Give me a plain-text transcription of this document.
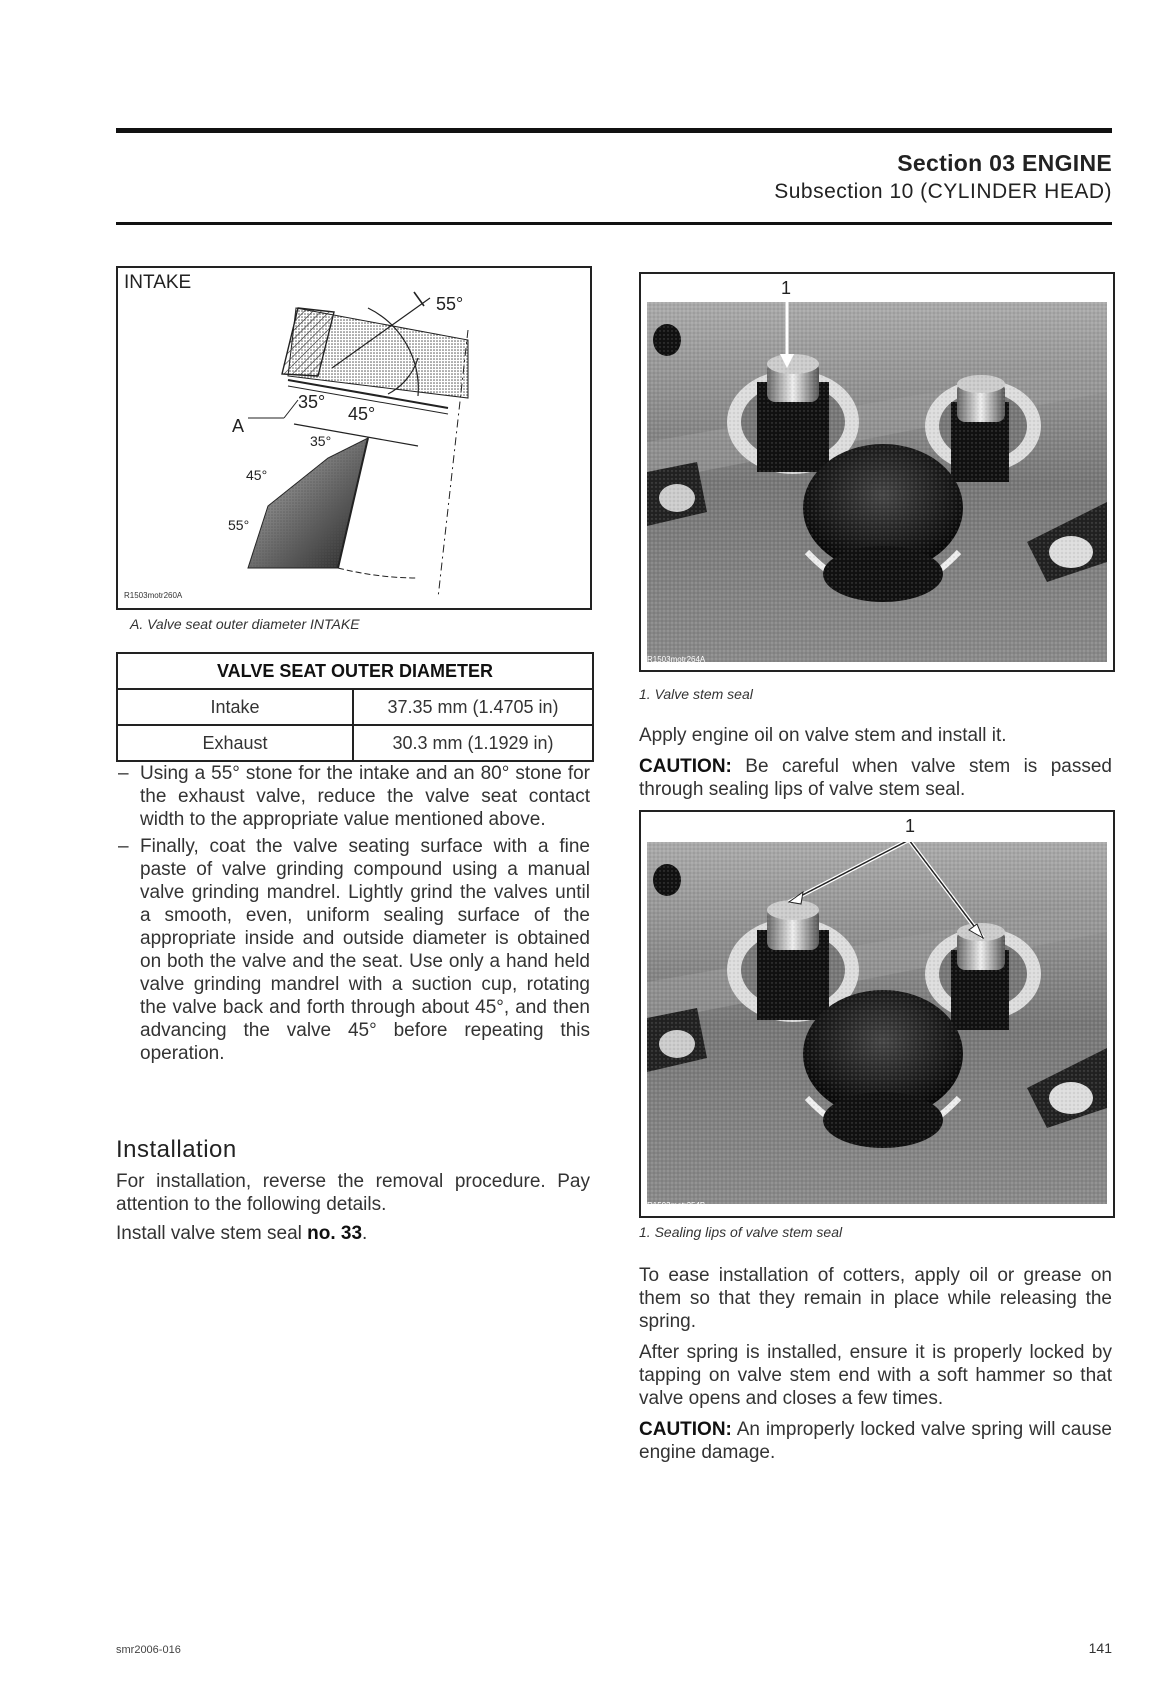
Section 03 ENGINE
Subsection 10 (CYLINDER HEAD)
INTAKE
55°
35°
45°
35°
45°
55°
A
R1503motr260A
A. Valve seat outer diameter INTAKE
VALVE SEAT OUTER DIAMETER	
Intake	37.35 mm (1.4705 in)
Exhaust	30.3 mm (1.1929 in)
– Using a 55° stone for the intake and an 80° stone for the exhaust valve, reduce the valve seat contact width to the appropriate value mentioned above.
– Finally, coat the valve seating surface with a fine paste of valve grinding compound using a manual valve grinding mandrel. Lightly grind the valves until a smooth, even, uniform sealing surface of the appropriate inside and outside diameter is obtained on both the valve and the seat. Use only a hand held valve grinding mandrel with a suction cup, rotating the valve back and forth through about 45°, and then advancing the valve 45° before repeating this operation.
Installation

For installation, reverse the removal procedure. Pay attention to the following details.

Install valve stem seal no. 33.

1
R1503motr264A
1. Valve stem seal

Apply engine oil on valve stem and install it.

CAUTION: Be careful when valve stem is passed through sealing lips of valve stem seal.

1
R1503motr254B
1. Sealing lips of valve stem seal

To ease installation of cotters, apply oil or grease on them so that they remain in place while releasing the spring.

After spring is installed, ensure it is properly locked by tapping on valve stem end with a soft hammer so that valve opens and closes a few times.

CAUTION: An improperly locked valve spring will cause engine damage.

smr2006-016	141
